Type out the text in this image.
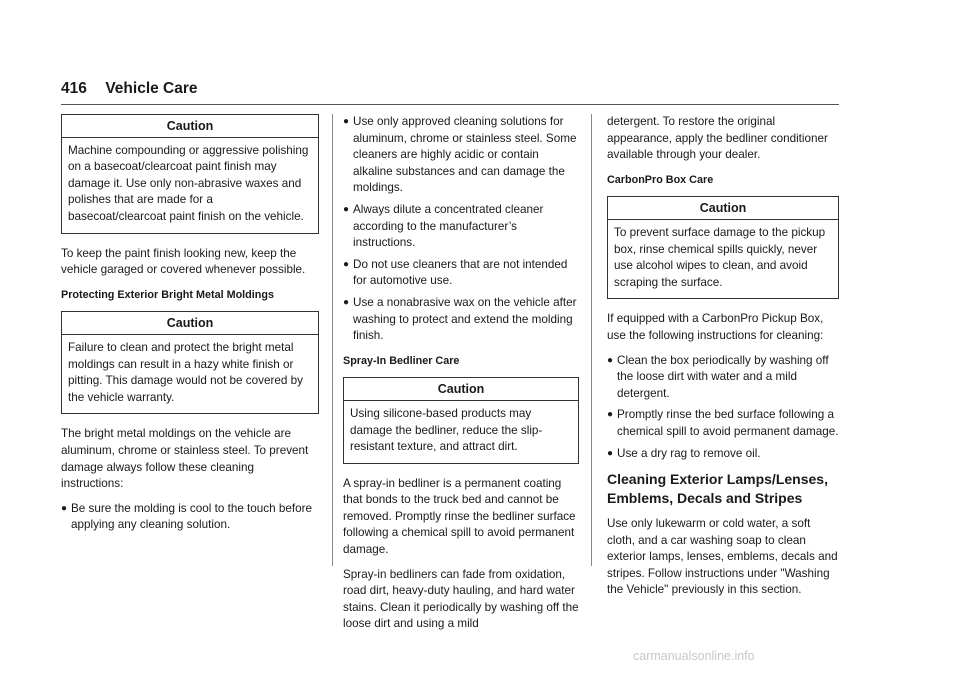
416 Vehicle Care
Caution
Machine compounding or aggressive polishing on a basecoat/clearcoat paint finish may damage it. Use only non-abrasive waxes and polishes that are made for a basecoat/clearcoat paint finish on the vehicle.

To keep the paint finish looking new, keep the vehicle garaged or covered whenever possible.

Protecting Exterior Bright Metal Moldings
Caution
Failure to clean and protect the bright metal moldings can result in a hazy white finish or pitting. This damage would not be covered by the vehicle warranty.

The bright metal moldings on the vehicle are aluminum, chrome or stainless steel. To prevent damage always follow these cleaning instructions:

● Be sure the molding is cool to the touch before applying any cleaning solution.
● Use only approved cleaning solutions for aluminum, chrome or stainless steel. Some cleaners are highly acidic or contain alkaline substances and can damage the moldings.
● Always dilute a concentrated cleaner according to the manufacturer’s instructions.
● Do not use cleaners that are not intended for automotive use.
● Use a nonabrasive wax on the vehicle after washing to protect and extend the molding finish.
Spray-In Bedliner Care
Caution
Using silicone-based products may damage the bedliner, reduce the slip-resistant texture, and attract dirt.

A spray-in bedliner is a permanent coating that bonds to the truck bed and cannot be removed. Promptly rinse the bedliner surface following a chemical spill to avoid permanent damage.

Spray-in bedliners can fade from oxidation, road dirt, heavy-duty hauling, and hard water stains. Clean it periodically by washing off the loose dirt and using a mild

detergent. To restore the original appearance, apply the bedliner conditioner available through your dealer.

CarbonPro Box Care
Caution
To prevent surface damage to the pickup box, rinse chemical spills quickly, never use alcohol wipes to clean, and avoid scraping the surface.

If equipped with a CarbonPro Pickup Box, use the following instructions for cleaning:

● Clean the box periodically by washing off the loose dirt with water and a mild detergent.
● Promptly rinse the bed surface following a chemical spill to avoid permanent damage.
● Use a dry rag to remove oil.
Cleaning Exterior Lamps/Lenses, Emblems, Decals and Stripes

Use only lukewarm or cold water, a soft cloth, and a car washing soap to clean exterior lamps, lenses, emblems, decals and stripes. Follow instructions under "Washing the Vehicle" previously in this section.

carmanualsonline.info
